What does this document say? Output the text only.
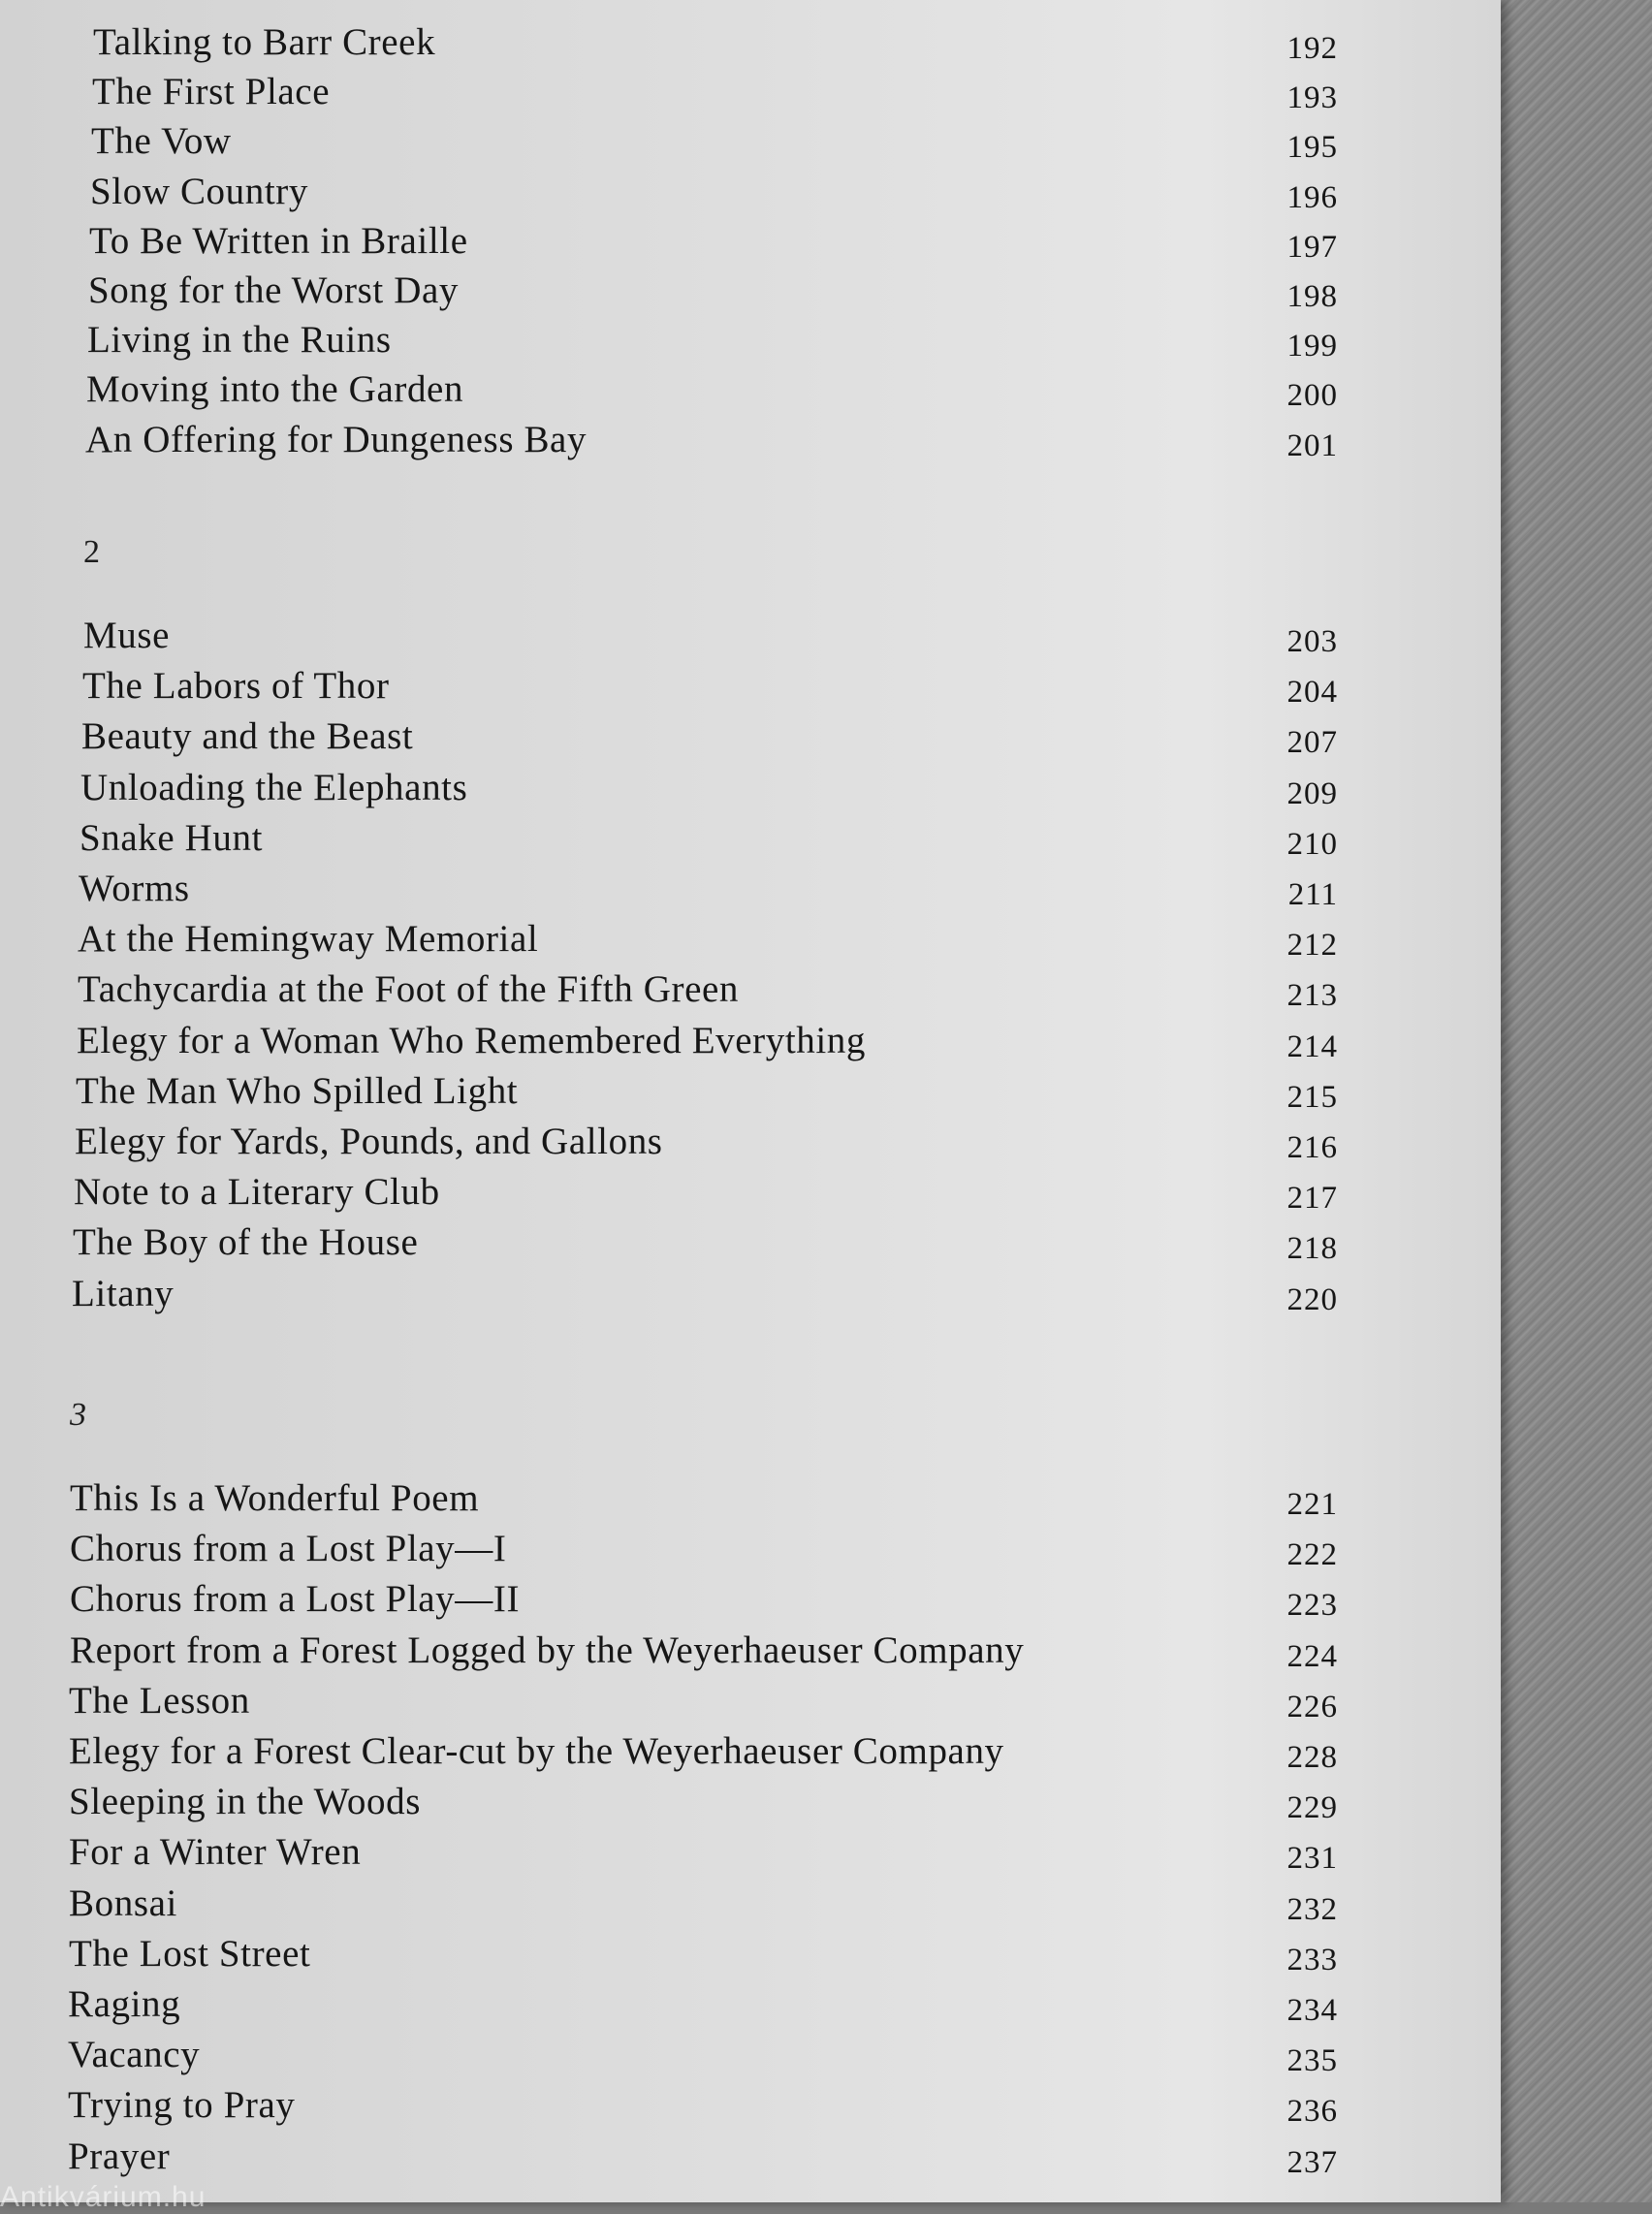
Talking to Barr Creek	192
The First Place	193
The Vow	195
Slow Country	196
To Be Written in Braille	197
Song for the Worst Day	198
Living in the Ruins	199
Moving into the Garden	200
An Offering for Dungeness Bay	201
2
Muse	203
The Labors of Thor	204
Beauty and the Beast	207
Unloading the Elephants	209
Snake Hunt	210
Worms	211
At the Hemingway Memorial	212
Tachycardia at the Foot of the Fifth Green	213
Elegy for a Woman Who Remembered Everything	214
The Man Who Spilled Light	215
Elegy for Yards, Pounds, and Gallons	216
Note to a Literary Club	217
The Boy of the House	218
Litany	220
3
This Is a Wonderful Poem	221
Chorus from a Lost Play—I	222
Chorus from a Lost Play—II	223
Report from a Forest Logged by the Weyerhaeuser Company	224
The Lesson	226
Elegy for a Forest Clear-cut by the Weyerhaeuser Company	228
Sleeping in the Woods	229
For a Winter Wren	231
Bonsai	232
The Lost Street	233
Raging	234
Vacancy	235
Trying to Pray	236
Prayer	237
Antikvárium.hu
